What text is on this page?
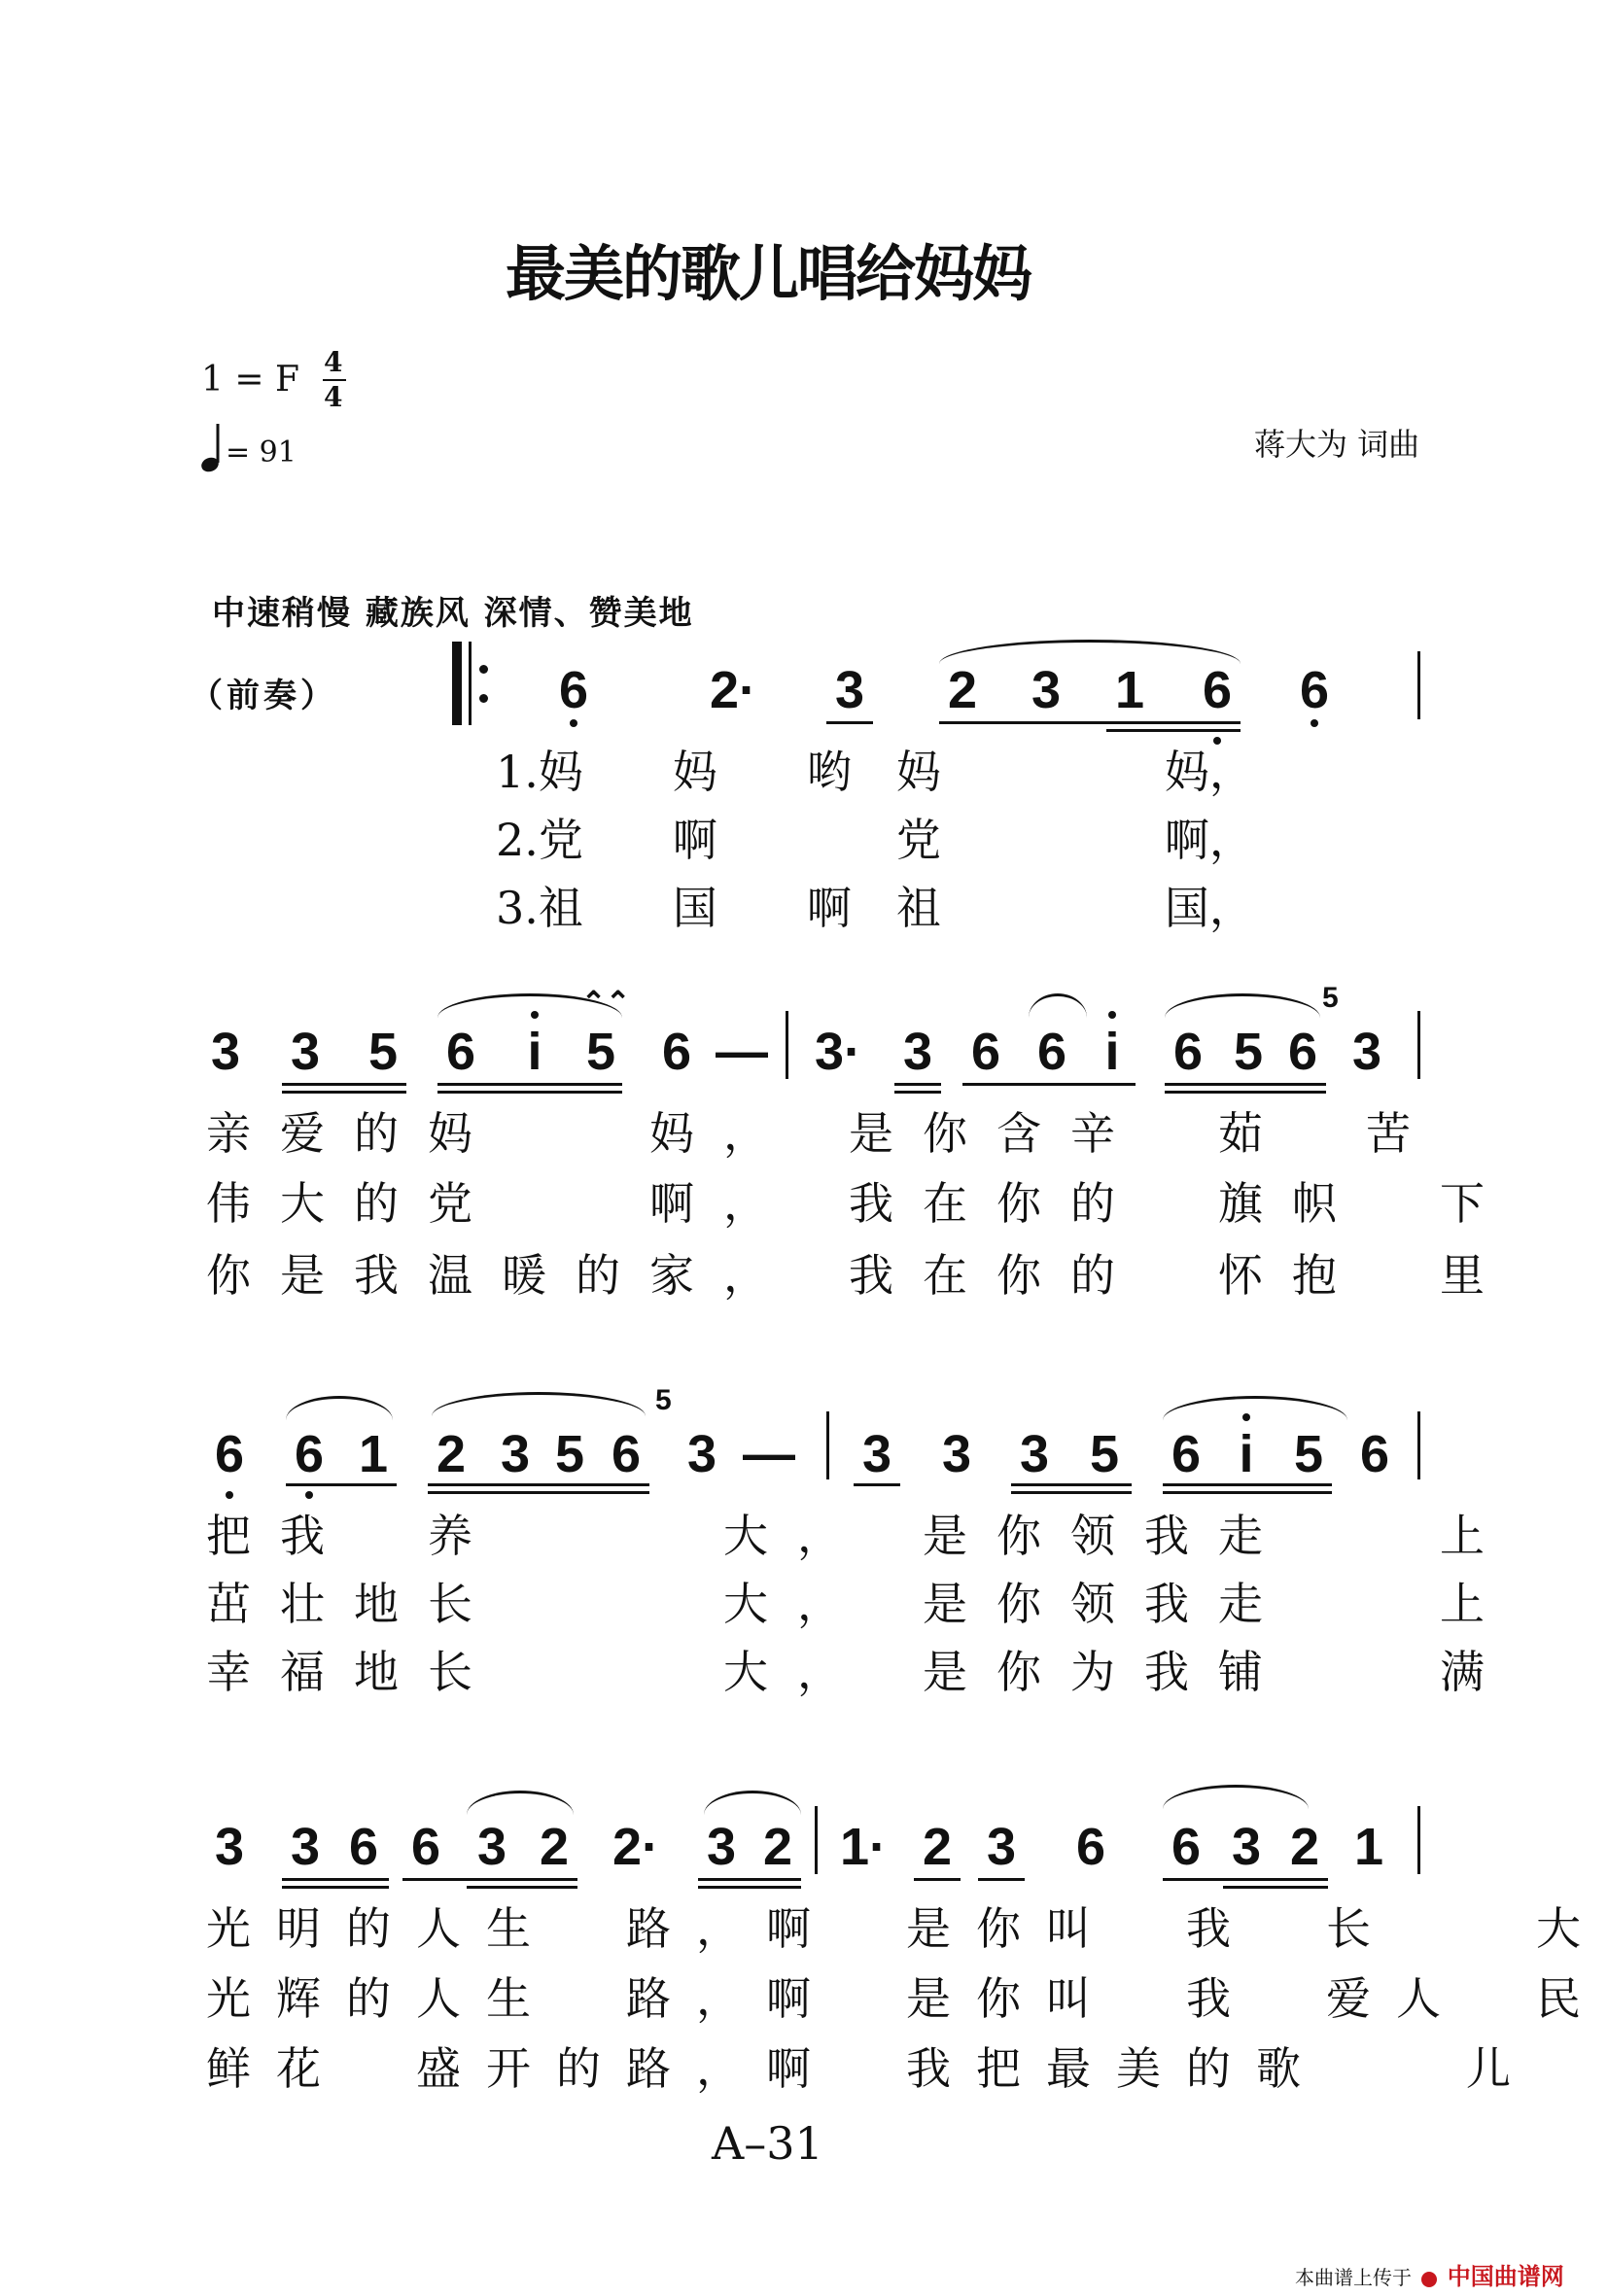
最美的歌儿唱给妈妈
1 = F 4
4
= 91	蒋大为 词曲
中速稍慢 藏族风 深情、赞美地
（前奏）	6 2·	3 2 3 1 6 6
1.妈　　妈　　哟　妈　　　　　妈，
2.党　　啊　　　　党　　　　　啊，
3.祖　　国　　啊　祖　　　　　国，
3 3 5 6 i 5
⌃⌃
6 — 3· 3 6 6 i	6 5 6
5
3
亲爱的妈　　妈，　是你含辛　茹　苦
伟大的党　　啊，　我在你的　旗帜　下
你是我温暖的家，　我在你的　怀抱　里
6 6 1 2 3 5 6
5
3 — 3 3 3 5 6 i 5 6
把我　养　　　大，　是你领我走　　上
茁壮地长　　　大，　是你领我走　　上
幸福地长　　　大，　是你为我铺　　满
3 3 6 6 3 2 2· 3 2 1· 2 3 6 6 3 2 1
光明的人生　路，啊　是你叫　我　长　　大
光辉的人生　路，啊　是你叫　我　爱人　民
鲜花　盛开的路，啊　我把最美的歌　　儿
A–31
本曲谱上传于 中国曲谱网
